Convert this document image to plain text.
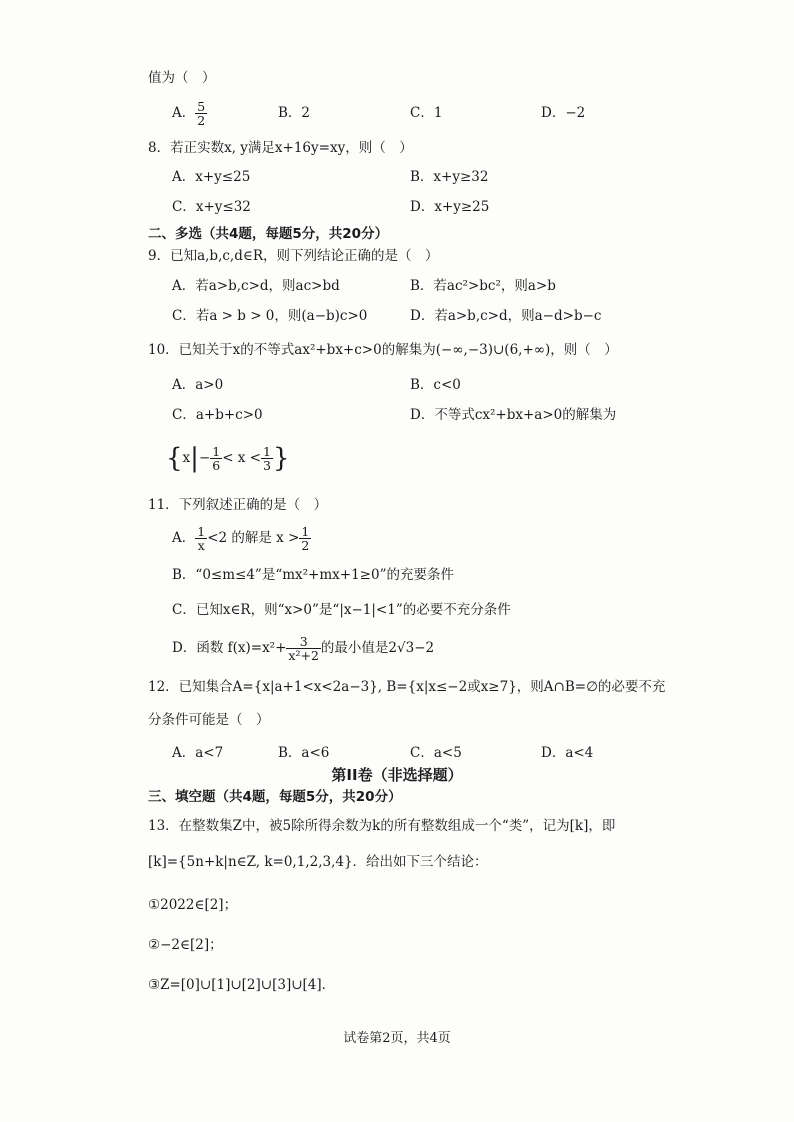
值为（　）
A． $\frac{5}{2}$	B．2	C．1	D．−2
8．若正实数x, y满足x+16y=xy，则（　）
A．x+y≤25	B．x+y≥32
C．x+y≤32	D．x+y≥25
二、多选（共4题，每题5分，共20分）
9．已知a,b,c,d∈R，则下列结论正确的是（　）
A．若a>b,c>d，则ac>bd	B．若ac²>bc²，则a>b
C．若a > b > 0，则(a−b)c>0	D．若a>b,c>d，则a−d>b−c
10．已知关于x的不等式ax²+bx+c>0的解集为(−∞,−3)∪(6,+∞)，则（　）
A．a>0	B．c<0
C．a+b+c>0	D．不等式cx²+bx+a>0的解集为
{$x|- \frac{1}{6} < x < \frac{1}{3}$ }
11．下列叙述正确的是（　）
A． $\frac{1}{x} <2$ 的解是 $x > \frac{1}{2}$
B．“0≤m≤4”是“mx²+mx+1≥0”的充要条件
C．已知x∈R，则“x>0”是“|x−1|<1”的必要不充分条件
D．函数 $f(x)=x^2+ \frac{3}{\text{x²+2}}$ 的最小值是2√3−2
12．已知集合A={x|a+1<x<2a−3}, B={x|x≤−2或x≥7}，则A∩B=∅的必要不充
分条件可能是（　）
A．a<7	B．a<6	C．a<5	D．a<4
第II卷（非选择题）
三、填空题（共4题，每题5分，共20分）
13．在整数集Z中，被5除所得余数为k的所有整数组成一个“类”，记为[k]，即
[k]={5n+k|n∈Z, k=0,1,2,3,4}．给出如下三个结论：
①2022∈[2]；
②−2∈[2]；
③Z=[0]∪[1]∪[2]∪[3]∪[4]．
试卷第2页，共4页
